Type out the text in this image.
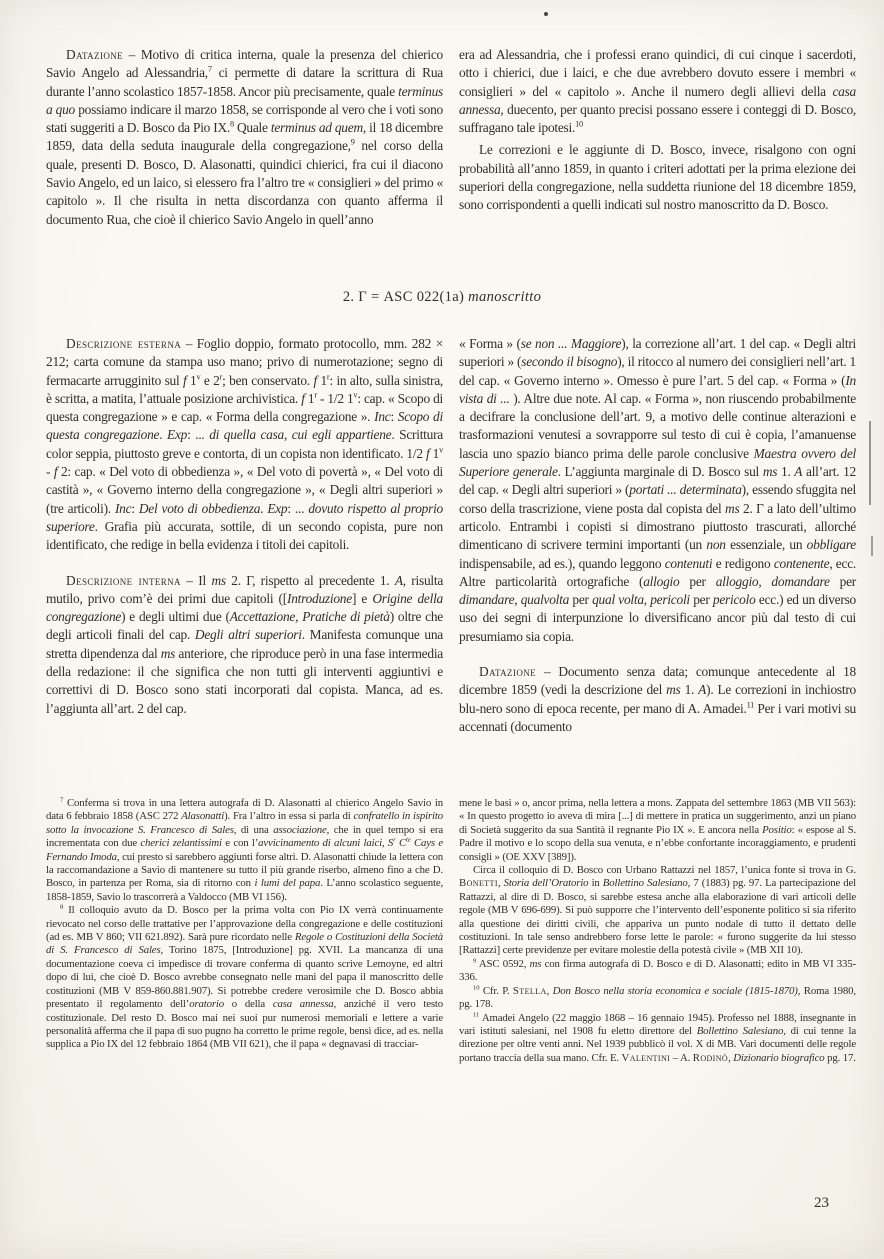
Datazione – Motivo di critica interna, quale la presenza del chierico Savio Angelo ad Alessandria,$^7$ ci permette di datare la scrittura di Rua durante l’anno scolastico 1857-1858. Ancor più precisamente, quale terminus a quo possiamo indicare il marzo 1858, se corrisponde al vero che i voti sono stati suggeriti a D. Bosco da Pio IX.$^8$ Quale terminus ad quem, il 18 dicembre 1859, data della seduta inaugurale della congregazione,$^9$ nel corso della quale, presenti D. Bosco, D. Alasonatti, quindici chierici, fra cui il diacono Savio Angelo, ed un laico, si elessero fra l’altro tre « consiglieri » del primo « capitolo ». Il che risulta in netta discordanza con quanto afferma il documento Rua, che cioè il chierico Savio Angelo in quell’anno

era ad Alessandria, che i professi erano quindici, di cui cinque i sacerdoti, otto i chierici, due i laici, e che due avrebbero dovuto essere i membri « consiglieri » del « capitolo ». Anche il numero degli allievi della casa annessa, duecento, per quanto precisi possano essere i conteggi di D. Bosco, suffragano tale ipotesi.$^{10}$

Le correzioni e le aggiunte di D. Bosco, invece, risalgono con ogni probabilità all’anno 1859, in quanto i criteri adottati per la prima elezione dei superiori della congregazione, nella suddetta riunione del 18 dicembre 1859, sono corrispondenti a quelli indicati sul nostro manoscritto da D. Bosco.

2. Γ = ASC 022(1a) manoscritto

Descrizione esterna – Foglio doppio, formato protocollo, mm. 282 × 212; carta comune da stampa uso mano; privo di numerotazione; segno di fermacarte arrugginito sul f 1$^v$ e 2$^r$; ben conservato. f 1$^r$: in alto, sulla sinistra, è scritta, a matita, l’attuale posizione archivistica. f 1$^r$ - 1/2 1$^v$: cap. « Scopo di questa congregazione » e cap. « Forma della congregazione ». Inc: Scopo di questa congregazione. Exp: ... di quella casa, cui egli appartiene. Scrittura color seppia, piuttosto greve e contorta, di un copista non identificato. 1/2 f 1$^v$ - f 2: cap. « Del voto di obbedienza », « Del voto di povertà », « Del voto di castità », « Governo interno della congregazione », « Degli altri superiori » (tre articoli). Inc: Del voto di obbedienza. Exp: ... dovuto rispetto al proprio superiore. Grafia più accurata, sottile, di un secondo copista, pure non identificato, che redige in bella evidenza i titoli dei capitoli.

Descrizione interna – Il ms 2. Γ, rispetto al precedente 1. A, risulta mutilo, privo com’è dei primi due capitoli ([Introduzione] e Origine della congregazione) e degli ultimi due (Accettazione, Pratiche di pietà) oltre che degli articoli finali del cap. Degli altri superiori. Manifesta comunque una stretta dipendenza dal ms anteriore, che riproduce però in una fase intermedia della redazione: il che significa che non tutti gli interventi aggiuntivi e correttivi di D. Bosco sono stati incorporati dal copista. Manca, ad es. l’aggiunta all’art. 2 del cap.

« Forma » (se non ... Maggiore), la correzione all’art. 1 del cap. « Degli altri superiori » (secondo il bisogno), il ritocco al numero dei consiglieri nell’art. 1 del cap. « Governo interno ». Omesso è pure l’art. 5 del cap. « Forma » (In vista di ... ). Altre due note. Al cap. « Forma », non riuscendo probabilmente a decifrare la conclusione dell’art. 9, a motivo delle continue alterazioni e trasformazioni venutesi a sovrapporre sul testo di cui è copia, l’amanuense lascia uno spazio bianco prima delle parole conclusive Maestra ovvero del Superiore generale. L’aggiunta marginale di D. Bosco sul ms 1. A all’art. 12 del cap. « Degli altri superiori » (portati ... determinata), essendo sfuggita nel corso della trascrizione, viene posta dal copista del ms 2. Γ a lato dell’ultimo articolo. Entrambi i copisti si dimostrano piuttosto trascurati, allorché dimenticano di scrivere termini importanti (un non essenziale, un obbligare indispensabile, ad es.), quando leggono contenuti e redigono contenente, ecc. Altre particolarità ortografiche (allogio per alloggio, domandare per dimandare, qualvolta per qual volta, pericoli per pericolo ecc.) ed un diverso uso dei segni di interpunzione lo diversificano ancor più dal testo di cui presumiamo sia copia.

Datazione – Documento senza data; comunque antecedente al 18 dicembre 1859 (vedi la descrizione del ms 1. A). Le correzioni in inchiostro blu-nero sono di epoca recente, per mano di A. Amadei.$^{11}$ Per i vari motivi su accennati (documento

$^7$ Conferma si trova in una lettera autografa di D. Alasonatti al chierico Angelo Savio in data 6 febbraio 1858 (ASC 272 Alasonatti). Fra l’altro in essa si parla di confratello in ispirito sotto la invocazione S. Francesco di Sales, di una associazione, che in quel tempo si era incrementata con due cherici zelantissimi e con l’avvicinamento di alcuni laici, $S^r$ $C^{te}$ Cays e Fernando Imoda, cui presto si sarebbero aggiunti forse altri. D. Alasonatti chiude la lettera con la raccomandazione a Savio di mantenere su tutto il più grande riserbo, almeno fino a che D. Bosco, in partenza per Roma, sia di ritorno con i lumi del papa. L’anno scolastico seguente, 1858-1859, Savio lo trascorrerà a Valdocco (MB VI 156).

$^8$ Il colloquio avuto da D. Bosco per la prima volta con Pio IX verrà continuamente rievocato nel corso delle trattative per l’approvazione della congregazione e delle costituzioni (ad es. MB V 860; VII 621.892). Sarà pure ricordato nelle Regole o Costituzioni della Società di S. Francesco di Sales, Torino 1875, [Introduzione] pg. XVII. La mancanza di una documentazione coeva ci impedisce di trovare conferma di quanto scrive Lemoyne, ed altri dopo di lui, che cioè D. Bosco avrebbe consegnato nelle mani del papa il manoscritto delle costituzioni (MB V 859-860.881.907). Si potrebbe credere verosimile che D. Bosco abbia presentato il regolamento dell’oratorio o della casa annessa, anziché il vero testo costituzionale. Del resto D. Bosco mai nei suoi pur numerosi memoriali e lettere a varie personalità afferma che il papa di suo pugno ha corretto le prime regole, bensì dice, ad es. nella supplica a Pio IX del 12 febbraio 1864 (MB VII 621), che il papa « degnavasi di tracciar-

mene le basi » o, ancor prima, nella lettera a mons. Zappata del settembre 1863 (MB VII 563): « In questo progetto io aveva di mira [...] di mettere in pratica un suggerimento, anzi un piano di Società suggerito da sua Santità il regnante Pio IX ». E ancora nella Positio: « espose al S. Padre il motivo e lo scopo della sua venuta, e n’ebbe confortante incoraggiamento, e prudenti consigli » (OE XXV [389]).

Circa il colloquio di D. Bosco con Urbano Rattazzi nel 1857, l’unica fonte si trova in G. Bonetti, Storia dell’Oratorio in Bollettino Salesiano, 7 (1883) pg. 97. La partecipazione del Rattazzi, al dire di D. Bosco, si sarebbe estesa anche alla elaborazione di vari articoli delle regole (MB V 696-699). Si può supporre che l’intervento dell’esponente politico si sia riferito alla questione dei diritti civili, che appariva un punto nodale di tutto il dettato delle costituzioni. In tale senso andrebbero forse lette le parole: « furono suggerite da lui stesso [Rattazzi] certe previdenze per evitare molestie della potestà civile » (MB XII 10).

$^9$ ASC 0592, ms con firma autografa di D. Bosco e di D. Alasonatti; edito in MB VI 335-336.

$^{10}$ Cfr. P. Stella, Don Bosco nella storia economica e sociale (1815-1870), Roma 1980, pg. 178.

$^{11}$ Amadei Angelo (22 maggio 1868 – 16 gennaio 1945). Professo nel 1888, insegnante in vari istituti salesiani, nel 1908 fu eletto direttore del Bollettino Salesiano, di cui tenne la direzione per oltre venti anni. Nel 1939 pubblicò il vol. X di MB. Vari documenti delle regole portano traccia della sua mano. Cfr. E. Valentini – A. Rodinò, Dizionario biografico pg. 17.

23
